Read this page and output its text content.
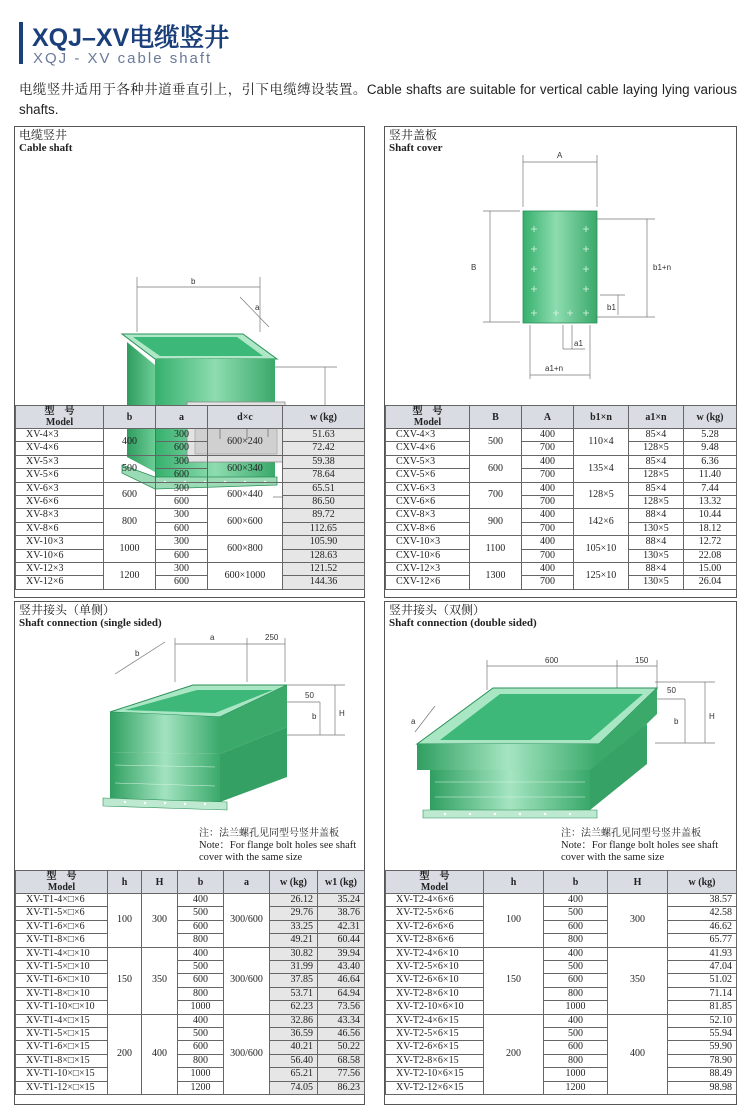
XQJ–XV电缆竖井
XQJ - XV cable shaft
电缆竖井适用于各种井道垂直引上，引下电缆缚设装置。Cable shafts are suitable for vertical cable laying lying various shafts.
电缆竖井
Cable shaft
b
a
型　号
Model	b	a	d×c	w (kg)
XV-4×3	400	300	600×240	51.63
XV-4×6		600		72.42
XV-5×3	500	300	600×340	59.38
XV-5×6		600		78.64
XV-6×3	600	300	600×440	65.51
XV-6×6		600		86.50
XV-8×3	800	300	600×600	89.72
XV-8×6		600		112.65
XV-10×3	1000	300	600×800	105.90
XV-10×6		600		128.63
XV-12×3	1200	300	600×1000	121.52
XV-12×6		600		144.36
竖井盖板
Shaft cover
A
B	b1+n
b1
a1
a1+n
型　号
Model	B	A	b1×n	a1×n	w (kg)
CXV-4×3	500	400	110×4	85×4	5.28
CXV-4×6		700		128×5	9.48
CXV-5×3	600	400	135×4	85×4	6.36
CXV-5×6		700		128×5	11.40
CXV-6×3	700	400	128×5	85×4	7.44
CXV-6×6		700		128×5	13.32
CXV-8×3	900	400	142×6	88×4	10.44
CXV-8×6		700		130×5	18.12
CXV-10×3	1100	400	105×10	88×4	12.72
CXV-10×6		700		130×5	22.08
CXV-12×3	1300	400	125×10	88×4	15.00
CXV-12×6		700		130×5	26.04
竖井接头（单侧）
Shaft connection (single sided)
a	250
b
50
b	H
注：法兰螺孔见同型号竖井盖板
Note：For flange bolt holes see shaft
cover with the same size
型　号
Model	h	H	b	a	w (kg)	w1 (kg)
XV-T1-4×□×6	100	300	400	300/600	26.12	35.24
XV-T1-5×□×6			500		29.76	38.76
XV-T1-6×□×6			600		33.25	42.31
XV-T1-8×□×6			800		49.21	60.44
XV-T1-4×□×10	150	350	400	300/600	30.82	39.94
XV-T1-5×□×10			500		31.99	43.40
XV-T1-6×□×10			600		37.85	46.64
XV-T1-8×□×10			800		53.71	64.94
XV-T1-10×□×10			1000		62.23	73.56
XV-T1-4×□×15	200	400	400	300/600	32.86	43.34
XV-T1-5×□×15			500		36.59	46.56
XV-T1-6×□×15			600		40.21	50.22
XV-T1-8×□×15			800		56.40	68.58
XV-T1-10×□×15			1000		65.21	77.56
XV-T1-12×□×15			1200		74.05	86.23
竖井接头（双侧）
Shaft connection (double sided)
600	150
50
b
H
a
注：法兰螺孔见同型号竖井盖板
Note：For flange bolt holes see shaft
cover with the same size
型　号
Model	h	b	H	w (kg)
XV-T2-4×6×6	100	400	300	38.57
XV-T2-5×6×6		500		42.58
XV-T2-6×6×6		600		46.62
XV-T2-8×6×6		800		65.77
XV-T2-4×6×10	150	400	350	41.93
XV-T2-5×6×10		500		47.04
XV-T2-6×6×10		600		51.02
XV-T2-8×6×10		800		71.14
XV-T2-10×6×10		1000		81.85
XV-T2-4×6×15	200	400	400	52.10
XV-T2-5×6×15		500		55.94
XV-T2-6×6×15		600		59.90
XV-T2-8×6×15		800		78.90
XV-T2-10×6×15		1000		88.49
XV-T2-12×6×15		1200		98.98
